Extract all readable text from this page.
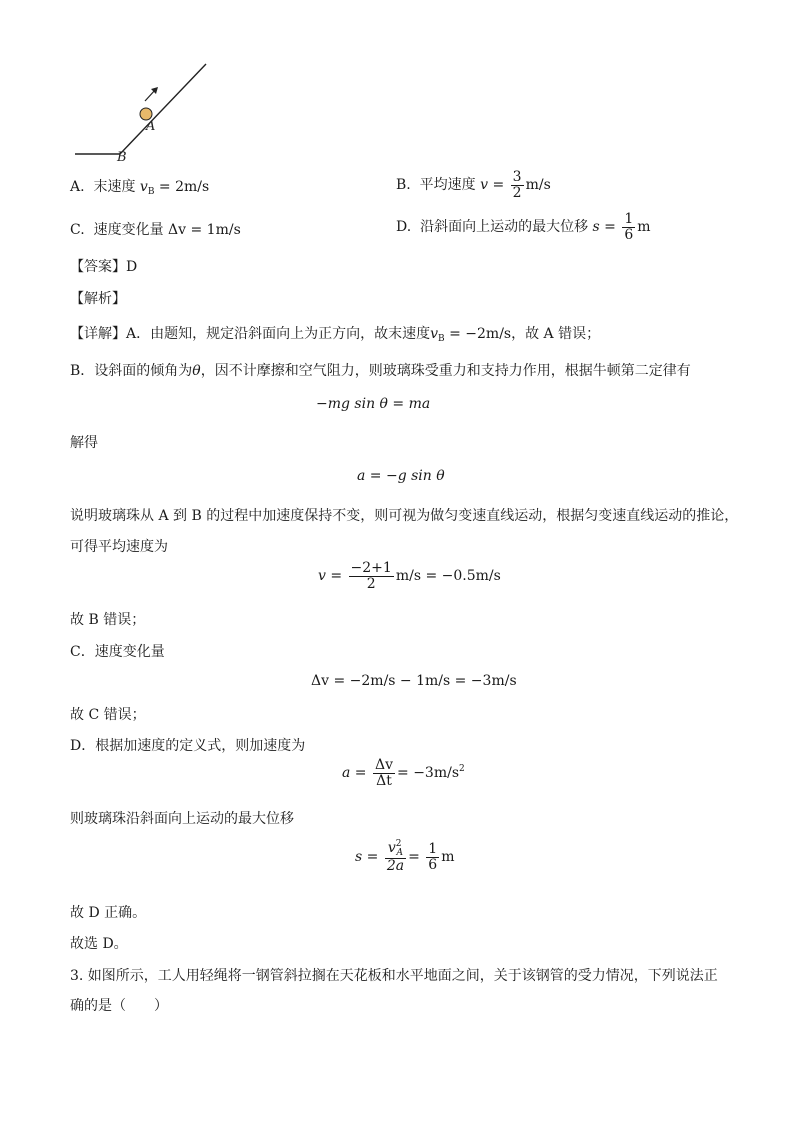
A
B
A. 末速度 $v_B = 2m/s$	B. 平均速度 $v = \frac{3}{2} m/s$
C. 速度变化量 Δv = 1m/s	D. 沿斜面向上运动的最大位移 $s = \frac{1}{6}$ m
【答案】D
【解析】
【详解】A．由题知，规定沿斜面向上为正方向，故末速度$v_B = -2m/s$，故 A 错误；
B．设斜面的倾角为θ，因不计摩擦和空气阻力，则玻璃珠受重力和支持力作用，根据牛顿第二定律有
−mg sin θ = ma
解得
a = −g sin θ
说明玻璃珠从 A 到 B 的过程中加速度保持不变，则可视为做匀变速直线运动，根据匀变速直线运动的推论，
可得平均速度为
$v = \frac{-2+1}{2} m/s = -0.5m/s$
故 B 错误；
C．速度变化量
Δv = −2m/s − 1m/s = −3m/s
故 C 错误；
D．根据加速度的定义式，则加速度为
$a = \frac{\Delta v}{\Delta t} = -3m/s^2$
则玻璃珠沿斜面向上运动的最大位移
$s = \frac{v^2_A}{2a} = \frac{1}{6}$ m
故 D 正确。
故选 D。
3. 如图所示，工人用轻绳将一钢管斜拉搁在天花板和水平地面之间，关于该钢管的受力情况，下列说法正
确的是（　　）
